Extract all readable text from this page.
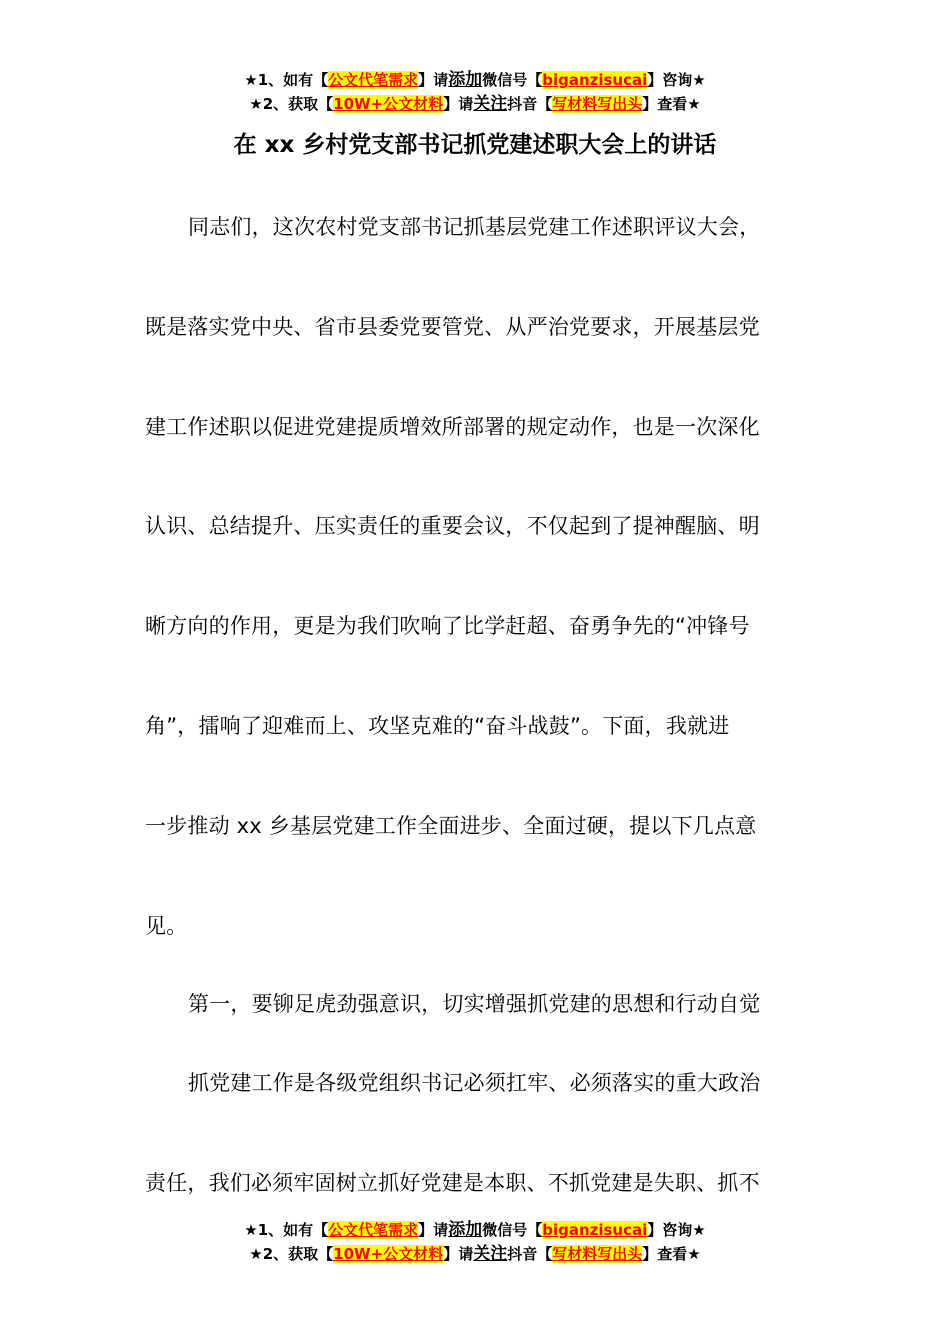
★1、如有【公文代笔需求】请添加微信号【biganzisucai】咨询★
★2、获取【10W+公文材料】请关注抖音【写材料写出头】查看★
在 xx 乡村党支部书记抓党建述职大会上的讲话
同志们，这次农村党支部书记抓基层党建工作述职评议大会，
既是落实党中央、省市县委党要管党、从严治党要求，开展基层党
建工作述职以促进党建提质增效所部署的规定动作，也是一次深化
认识、总结提升、压实责任的重要会议，不仅起到了提神醒脑、明
晰方向的作用，更是为我们吹响了比学赶超、奋勇争先的“冲锋号
角”，擂响了迎难而上、攻坚克难的“奋斗战鼓”。下面，我就进
一步推动 xx 乡基层党建工作全面进步、全面过硬，提以下几点意
见。
第一，要铆足虎劲强意识，切实增强抓党建的思想和行动自觉
抓党建工作是各级党组织书记必须扛牢、必须落实的重大政治
责任，我们必须牢固树立抓好党建是本职、不抓党建是失职、抓不
★1、如有【公文代笔需求】请添加微信号【biganzisucai】咨询★
★2、获取【10W+公文材料】请关注抖音【写材料写出头】查看★
